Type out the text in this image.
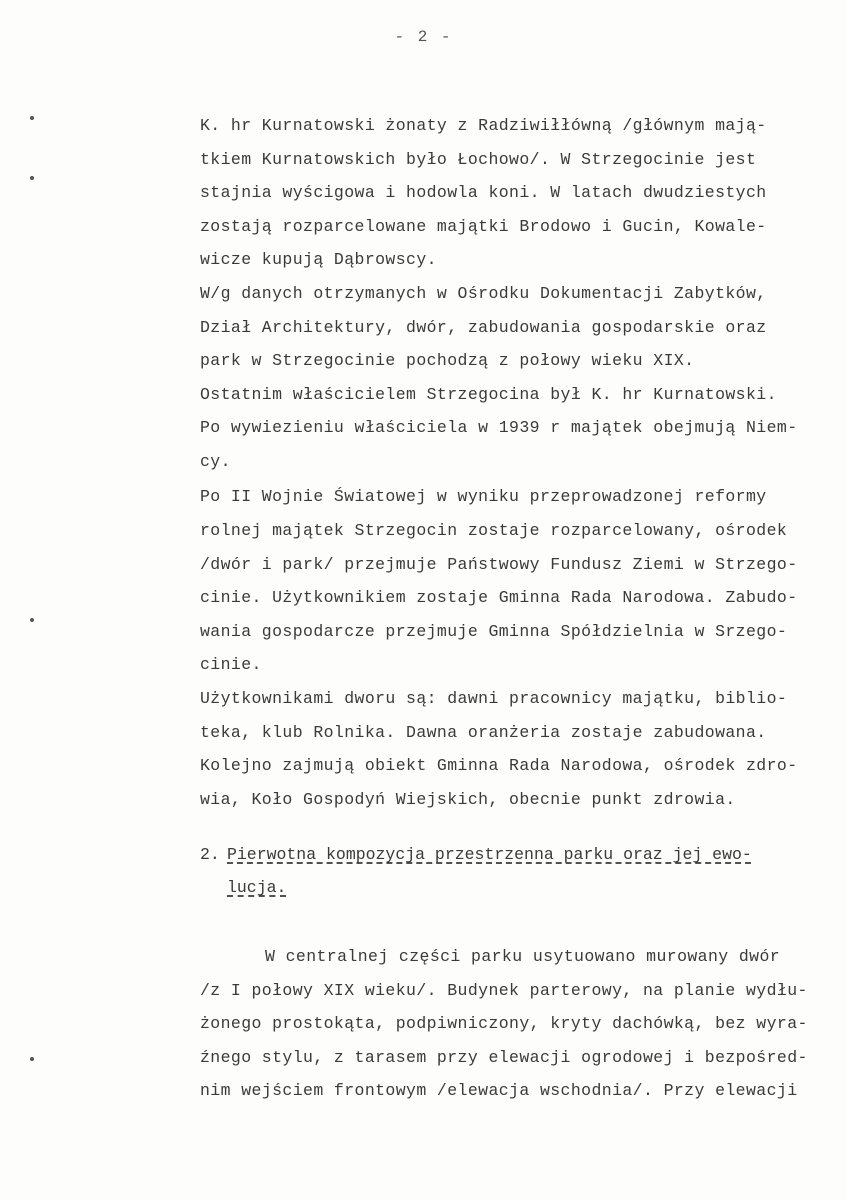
- 2 -
K. hr Kurnatowski żonaty z Radziwiłłówną /głównym mają-
tkiem Kurnatowskich było Łochowo/. W Strzegocinie jest
stajnia wyścigowa i hodowla koni. W latach dwudziestych
zostają rozparcelowane majątki Brodowo i Gucin, Kowale-
wicze kupują Dąbrowscy.
W/g danych otrzymanych w Ośrodku Dokumentacji Zabytków,
Dział Architektury, dwór, zabudowania gospodarskie oraz
park w Strzegocinie pochodzą z połowy wieku XIX.
Ostatnim właścicielem Strzegocina był K. hr Kurnatowski.
Po wywiezieniu właściciela w 1939 r majątek obejmują Niem-
cy.
Po II Wojnie Światowej w wyniku przeprowadzonej reformy
rolnej majątek Strzegocin zostaje rozparcelowany, ośrodek
/dwór i park/ przejmuje Państwowy Fundusz Ziemi w Strzego-
cinie. Użytkownikiem zostaje Gminna Rada Narodowa. Zabudo-
wania gospodarcze przejmuje Gminna Spółdzielnia w Srzego-
cinie.
Użytkownikami dworu są: dawni pracownicy majątku, biblio-
teka, klub Rolnika. Dawna oranżeria zostaje zabudowana.
Kolejno zajmują obiekt Gminna Rada Narodowa, ośrodek zdro-
wia, Koło Gospodyń Wiejskich, obecnie punkt zdrowia.
2. Pierwotna kompozycja przestrzenna parku oraz jej ewo-
lucja.
W centralnej części parku usytuowano murowany dwór
/z I połowy XIX wieku/. Budynek parterowy, na planie wydłu-
żonego prostokąta, podpiwniczony, kryty dachówką, bez wyra-
źnego stylu, z tarasem przy elewacji ogrodowej i bezpośred-
nim wejściem frontowym /elewacja wschodnia/. Przy elewacji
